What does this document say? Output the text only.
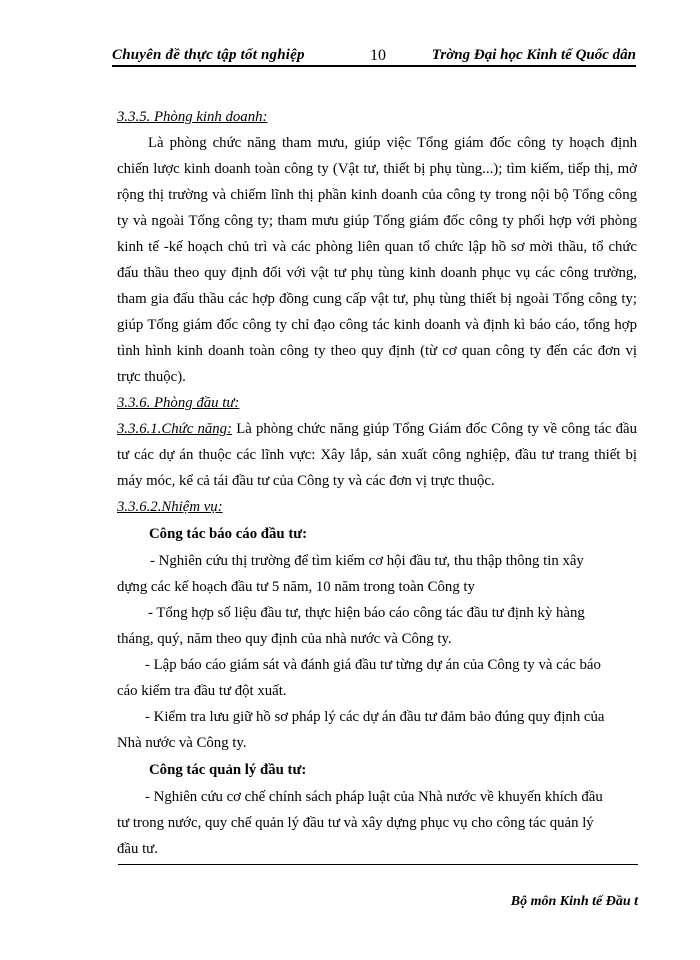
Chuyên đề thực tập tốt nghiệp	10	Trờng Đại học Kinh tế Quốc dân
3.3.5. Phòng kinh doanh:
Là phòng chức năng tham mưu, giúp việc Tổng giám đốc công ty hoạch định chiến lược kinh doanh toàn công ty (Vật tư, thiết bị phụ tùng...); tìm kiếm, tiếp thị, mở rộng thị trường và chiếm lĩnh thị phần kinh doanh của công ty trong nội bộ Tổng công ty và ngoài Tổng công ty; tham mưu giúp Tổng giám đốc công ty phối hợp với phòng kinh tế -kế hoạch chủ trì và các phòng liên quan tổ chức lập hồ sơ mời thầu, tổ chức đấu thầu theo quy định đối với vật tư phụ tùng kinh doanh phục vụ các công trường, tham gia đấu thầu các hợp đồng cung cấp vật tư, phụ tùng thiết bị ngoài Tổng công ty; giúp Tổng giám đốc công ty chỉ đạo công tác kinh doanh và định kì báo cáo, tổng hợp tình hình kinh doanh toàn công ty theo quy định (từ cơ quan công ty đến các đơn vị trực thuộc).
3.3.6. Phòng đầu tư:
3.3.6.1.Chức năng: Là phòng chức năng giúp Tổng Giám đốc Công ty về công tác đầu tư các dự án thuộc các lĩnh vực: Xây lắp, sản xuất công nghiệp, đầu tư trang thiết bị máy móc, kể cả tái đầu tư của Công ty và các đơn vị trực thuộc.
3.3.6.2.Nhiệm vụ:
Công tác báo cáo đầu tư:
- Nghiên cứu thị trường để tìm kiếm cơ hội đầu tư, thu thập thông tin xây dựng các kế hoạch đầu tư 5 năm, 10 năm trong toàn Công ty
- Tổng hợp số liệu đầu tư, thực hiện báo cáo công tác đầu tư định kỳ hàng tháng, quý, năm theo quy định của nhà nước và Công ty.
- Lập báo cáo giám sát và đánh giá đầu tư từng dự án của Công ty và các báo cáo kiểm tra đầu tư đột xuất.
- Kiểm tra lưu giữ hồ sơ pháp lý các dự án đầu tư đảm bảo đúng quy định của Nhà nước và Công ty.
Công tác quản lý đầu tư:
- Nghiên cứu cơ chế chính sách pháp luật của Nhà nước về khuyến khích đầu tư trong nước, quy chế quản lý đầu tư và xây dựng phục vụ cho công tác quản lý đầu tư.
Bộ môn Kinh tế Đầu t
